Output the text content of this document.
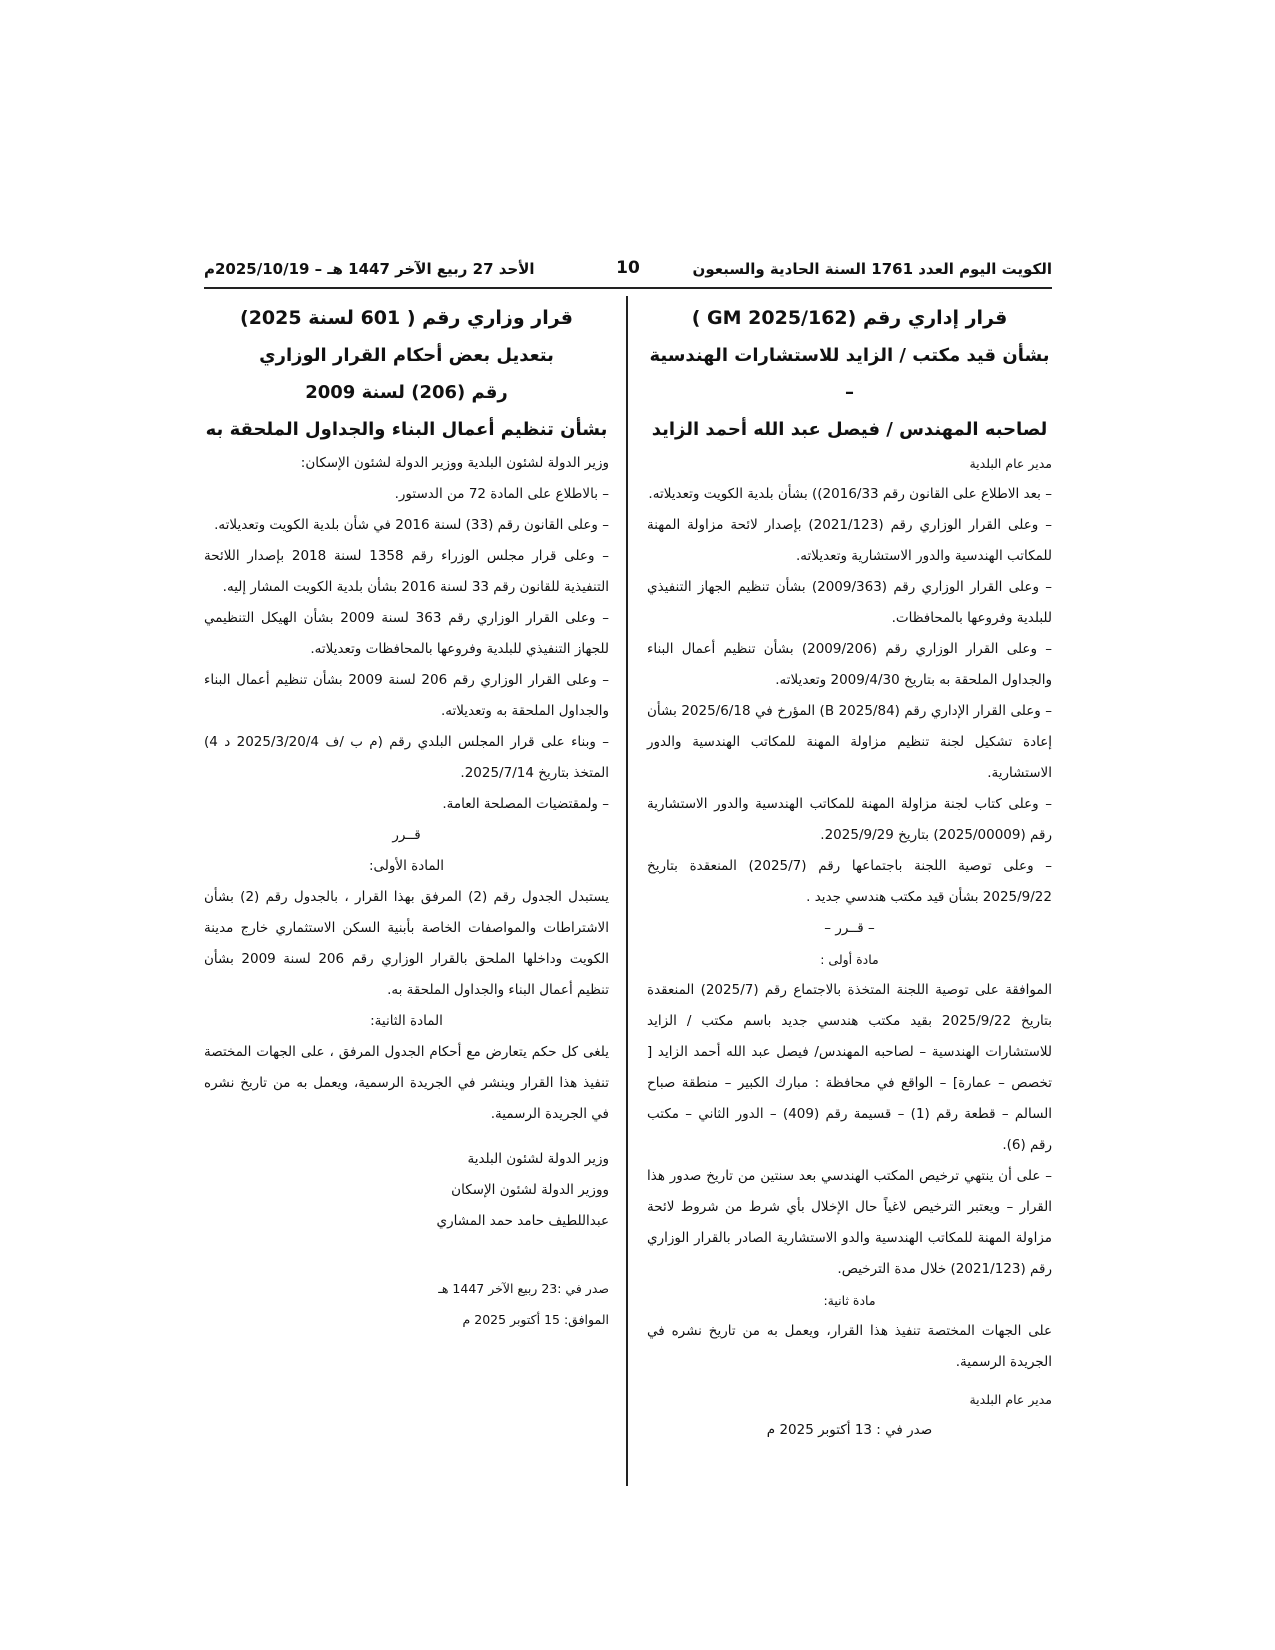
الكويت اليوم العدد 1761 السنة الحادية والسبعون
10
الأحد 27 ربيع الآخر 1447 هـ – 2025/10/19م

قرار إداري رقم (2025/162 GM )

بشأن قيد مكتب / الزايد للاستشارات الهندسية –

لصاحبه المهندس / فيصل عبد الله أحمد الزايد

مدير عام البلدية

– بعد الاطلاع على القانون رقم 2016/33)) بشأن بلدية الكويت وتعديلاته.

– وعلى القرار الوزاري رقم (2021/123) بإصدار لائحة مزاولة المهنة للمكاتب الهندسية والدور الاستشارية وتعديلاته.

– وعلى القرار الوزاري رقم (2009/363) بشأن تنظيم الجهاز التنفيذي للبلدية وفروعها بالمحافظات.

– وعلى القرار الوزاري رقم (2009/206) بشأن تنظيم أعمال البناء والجداول الملحقة به بتاريخ 2009/4/30 وتعديلاته.

– وعلى القرار الإداري رقم (2025/84 B) المؤرخ في 2025/6/18 بشأن إعادة تشكيل لجنة تنظيم مزاولة المهنة للمكاتب الهندسية والدور الاستشارية.

– وعلى كتاب لجنة مزاولة المهنة للمكاتب الهندسية والدور الاستشارية رقم (2025/00009) بتاريخ 2025/9/29.

– وعلى توصية اللجنة باجتماعها رقم (2025/7) المنعقدة بتاريخ 2025/9/22 بشأن قيد مكتب هندسي جديد .

– قــرر –

مادة أولى :

الموافقة على توصية اللجنة المتخذة بالاجتماع رقم (2025/7) المنعقدة بتاريخ 2025/9/22 بقيد مكتب هندسي جديد باسم مكتب / الزايد للاستشارات الهندسية – لصاحبه المهندس/ فيصل عبد الله أحمد الزايد [ تخصص – عمارة] – الواقع في محافظة : مبارك الكبير – منطقة صباح السالم – قطعة رقم (1) – قسيمة رقم (409) – الدور الثاني – مكتب رقم (6).

– على أن ينتهي ترخيص المكتب الهندسي بعد سنتين من تاريخ صدور هذا القرار – ويعتبر الترخيص لاغياً حال الإخلال بأي شرط من شروط لائحة مزاولة المهنة للمكاتب الهندسية والدو الاستشارية الصادر بالقرار الوزاري رقم (2021/123) خلال مدة الترخيص.

مادة ثانية:

على الجهات المختصة تنفيذ هذا القرار، ويعمل به من تاريخ نشره في الجريدة الرسمية.

مدير عام البلدية

صدر في : 13 أكتوبر 2025 م

قرار وزاري رقم ( 601 لسنة 2025)

بتعديل بعض أحكام القرار الوزاري

رقم (206) لسنة 2009

بشأن تنظيم أعمال البناء والجداول الملحقة به

وزير الدولة لشئون البلدية ووزير الدولة لشئون الإسكان:

– بالاطلاع على المادة 72 من الدستور.

– وعلى القانون رقم (33) لسنة 2016 في شأن بلدية الكويت وتعديلاته.

– وعلى قرار مجلس الوزراء رقم 1358 لسنة 2018 بإصدار اللائحة التنفيذية للقانون رقم 33 لسنة 2016 بشأن بلدية الكويت المشار إليه.

– وعلى القرار الوزاري رقم 363 لسنة 2009 بشأن الهيكل التنظيمي للجهاز التنفيذي للبلدية وفروعها بالمحافظات وتعديلاته.

– وعلى القرار الوزاري رقم 206 لسنة 2009 بشأن تنظيم أعمال البناء والجداول الملحقة به وتعديلاته.

– وبناء على قرار المجلس البلدي رقم (م ب /ف 2025/3/20/4 د 4) المتخذ بتاريخ 2025/7/14.

– ولمقتضيات المصلحة العامة.

قــرر

المادة الأولى:

يستبدل الجدول رقم (2) المرفق بهذا القرار ، بالجدول رقم (2) بشأن الاشتراطات والمواصفات الخاصة بأبنية السكن الاستثماري خارج مدينة الكويت وداخلها الملحق بالقرار الوزاري رقم 206 لسنة 2009 بشأن تنظيم أعمال البناء والجداول الملحقة به.

المادة الثانية:

يلغى كل حكم يتعارض مع أحكام الجدول المرفق ، على الجهات المختصة تنفيذ هذا القرار وينشر في الجريدة الرسمية، ويعمل به من تاريخ نشره في الجريدة الرسمية.

وزير الدولة لشئون البلدية

ووزير الدولة لشئون الإسكان

عبداللطيف حامد حمد المشاري

صدر في :23 ربيع الآخر 1447 هـ

الموافق: 15 أكتوبر 2025 م
